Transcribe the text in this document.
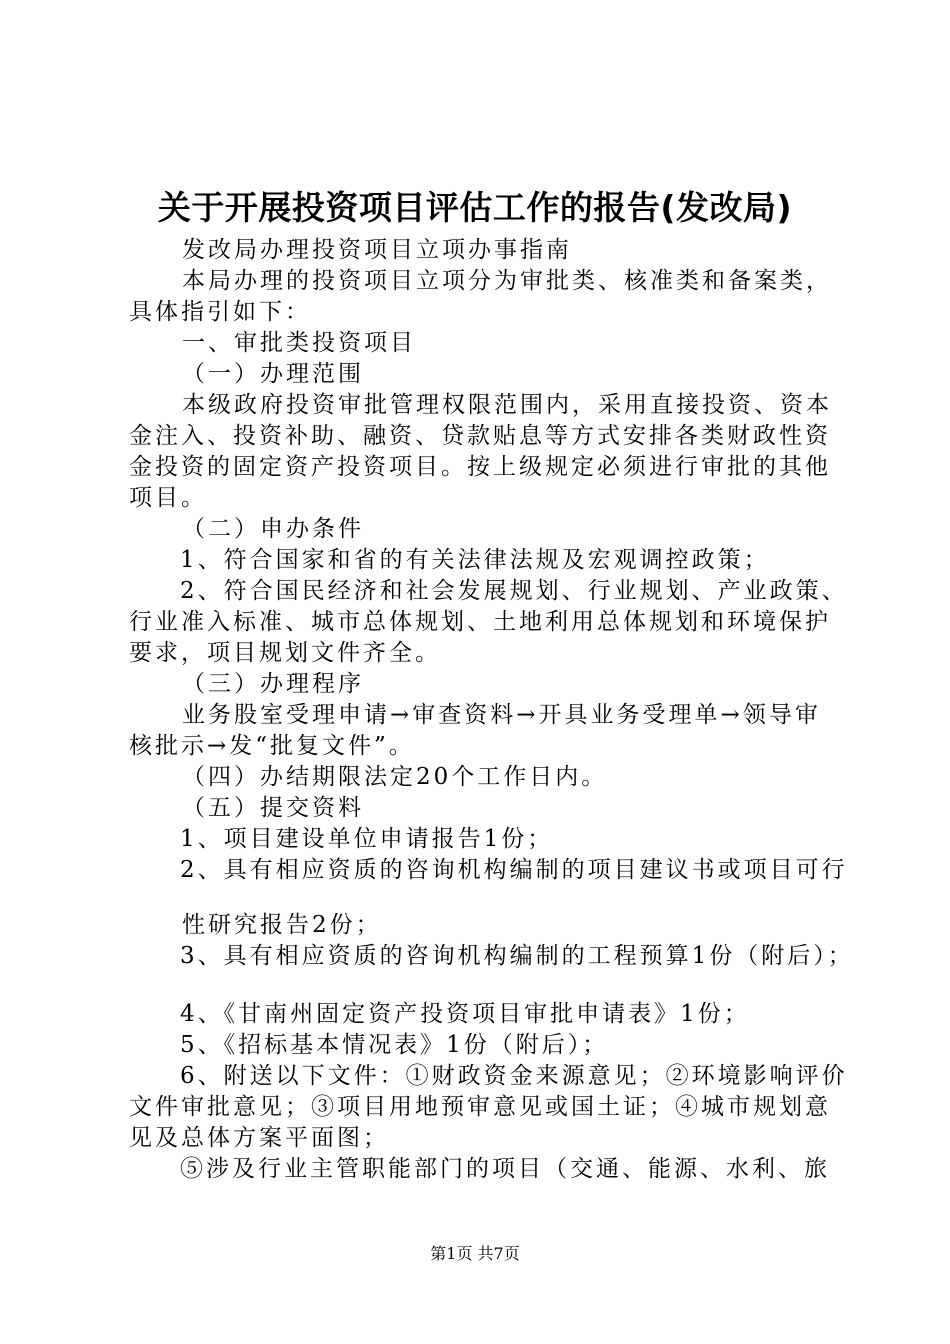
关于开展投资项目评估工作的报告(发改局)
发改局办理投资项目立项办事指南
本局办理的投资项目立项分为审批类、核准类和备案类，
具体指引如下：
一、审批类投资项目
（一）办理范围
本级政府投资审批管理权限范围内，采用直接投资、资本
金注入、投资补助、融资、贷款贴息等方式安排各类财政性资
金投资的固定资产投资项目。按上级规定必须进行审批的其他
项目。
（二）申办条件
1、符合国家和省的有关法律法规及宏观调控政策；
2、符合国民经济和社会发展规划、行业规划、产业政策、
行业准入标准、城市总体规划、土地利用总体规划和环境保护
要求，项目规划文件齐全。
（三）办理程序
业务股室受理申请→审查资料→开具业务受理单→领导审
核批示→发“批复文件”。
（四）办结期限法定20个工作日内。
（五）提交资料
1、项目建设单位申请报告1份；
2、具有相应资质的咨询机构编制的项目建议书或项目可行
性研究报告2份；
3、具有相应资质的咨询机构编制的工程预算1份（附后）；
4、《甘南州固定资产投资项目审批申请表》1份；
5、《招标基本情况表》1份（附后）；
6、附送以下文件：①财政资金来源意见；②环境影响评价
文件审批意见；③项目用地预审意见或国土证；④城市规划意
见及总体方案平面图；
⑤涉及行业主管职能部门的项目（交通、能源、水利、旅
第1页 共7页
